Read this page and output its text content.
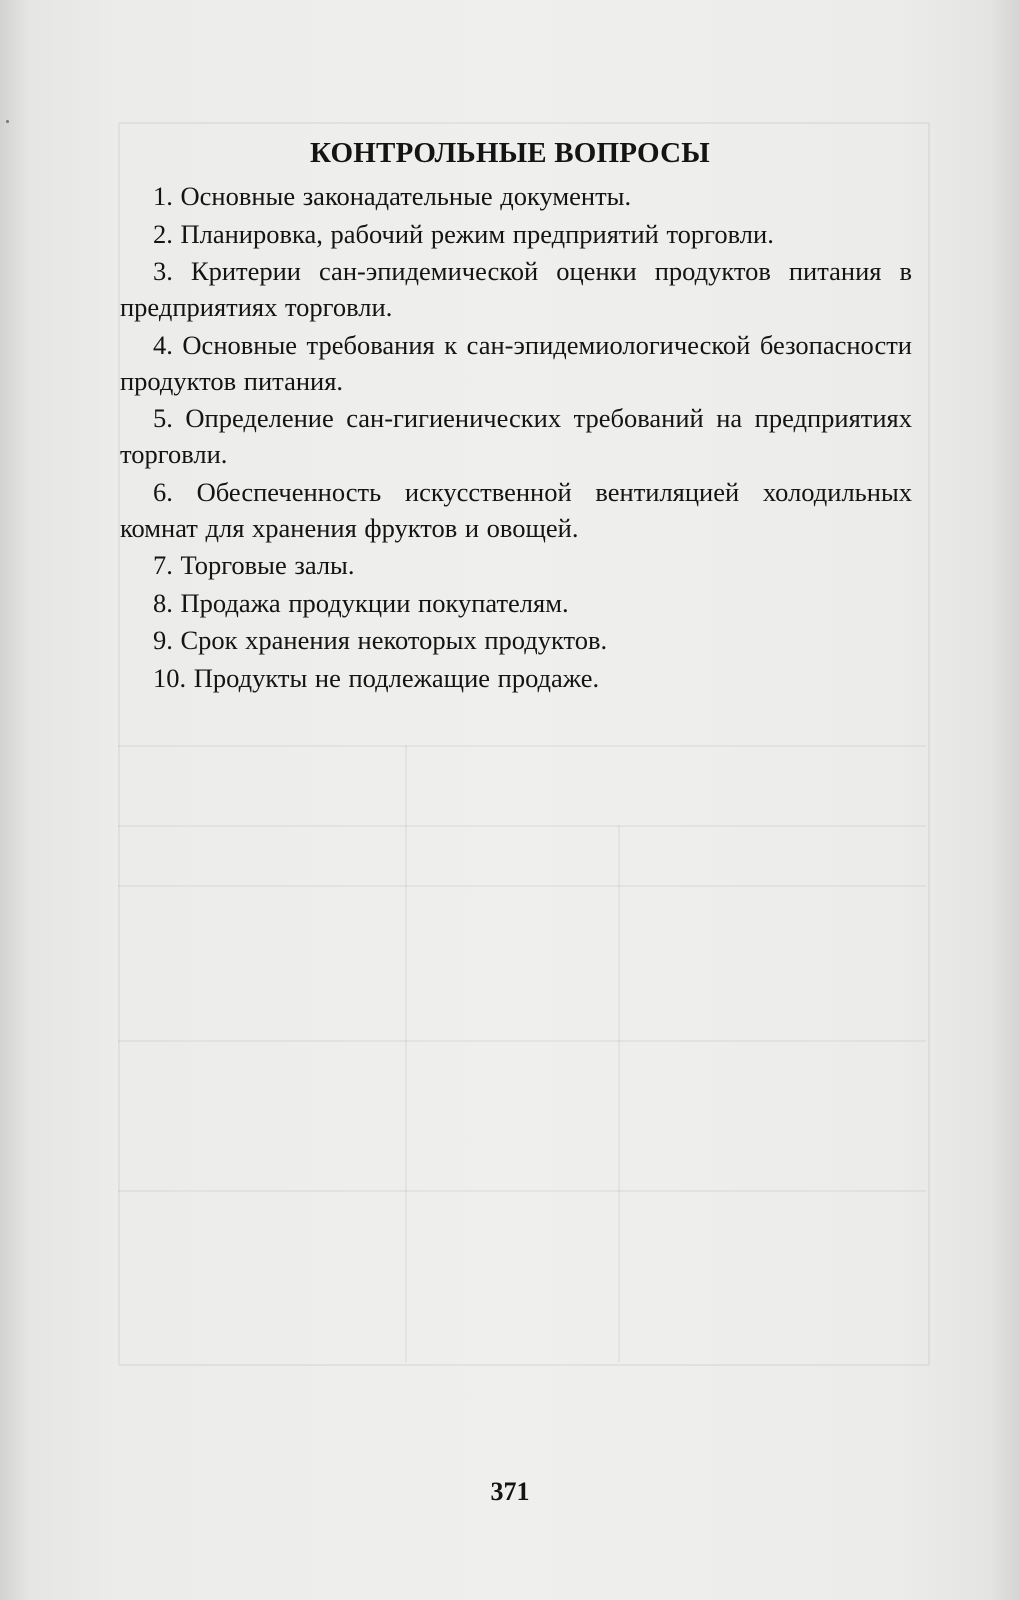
КОНТРОЛЬНЫЕ ВОПРОСЫ
1. Основные законадательные документы.
2. Планировка, рабочий режим предприятий торговли.
3. Критерии сан-эпидемической оценки продуктов питания в предприятиях торговли.
4. Основные требования к сан-эпидемиологической безопасности продуктов питания.
5. Определение сан-гигиенических требований на предприятиях торговли.
6. Обеспеченность искусственной вентиляцией холодильных комнат для хранения фруктов и овощей.
7. Торговые залы.
8. Продажа продукции покупателям.
9. Срок хранения некоторых продуктов.
10. Продукты не подлежащие продаже.
371
